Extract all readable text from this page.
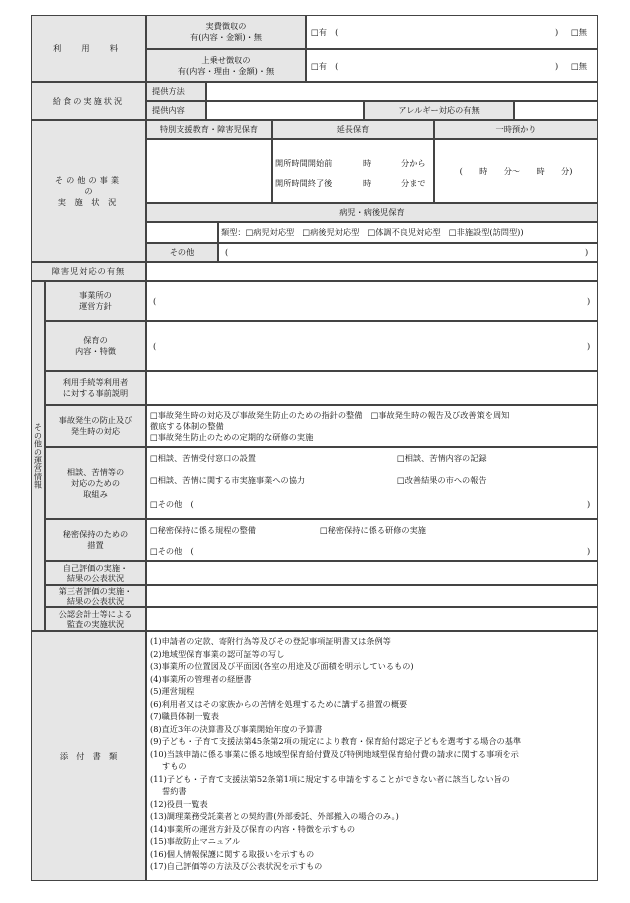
利　用　料
実費徴収の
有(内容・金額)・無	□有　(	) □無
上乗せ徴収の
有(内容・理由・金額)・無	□有　(	) □無
給食の実施状況
提供方法
提供内容	アレルギー対応の有無
その他の事業
の
実 施 状 況
特別支援教育・障害児保育	延長保育	一時預かり
開所時間開始前	時	分から
開所時間終了後	時	分まで
(　　時　　分～　　時　　分)
病児・病後児保育
類型：□病児対応型　□病後児対応型　□体調不良児対応型　□非施設型(訪問型))
その他	(	)
障害児対応の有無
その他の運営情報
事業所の
運営方針	(	)
保育の
内容・特徴	(	)
利用手続等利用者
に対する事前説明
事故発生の防止及び
発生時の対応
□事故発生時の対応及び事故発生防止のための指針の整備　□事故発生時の報告及び改善策を周知
徹底する体制の整備
□事故発生防止のための定期的な研修の実施
相談、苦情等の
対応のための
取組み
□相談、苦情受付窓口の設置	□相談、苦情内容の記録
□相談、苦情に関する市実施事業への協力	□改善結果の市への報告
□その他　(	)
秘密保持のための
措置
□秘密保持に係る規程の整備	□秘密保持に係る研修の実施
□その他　(	)
自己評価の実施・
結果の公表状況
第三者評価の実施・
結果の公表状況
公認会計士等による
監査の実施状況
添　付　書　類
(1)申請者の定款、寄附行為等及びその登記事項証明書又は条例等
(2)地域型保育事業の認可証等の写し
(3)事業所の位置図及び平面図(各室の用途及び面積を明示しているもの)
(4)事業所の管理者の経歴書
(5)運営規程
(6)利用者又はその家族からの苦情を処理するために講ずる措置の概要
(7)職員体制一覧表
(8)直近3年の決算書及び事業開始年度の予算書
(9)子ども・子育て支援法第45条第2項の規定により教育・保育給付認定子どもを選考する場合の基準
(10)当該申請に係る事業に係る地域型保育給付費及び特例地域型保育給付費の請求に関する事項を示
すもの
(11)子ども・子育て支援法第52条第1項に規定する申請をすることができない者に該当しない旨の
誓約書
(12)役員一覧表
(13)調理業務受託業者との契約書(外部委託、外部搬入の場合のみ。)
(14)事業所の運営方針及び保育の内容・特徴を示すもの
(15)事故防止マニュアル
(16)個人情報保護に関する取扱いを示すもの
(17)自己評価等の方法及び公表状況を示すもの
